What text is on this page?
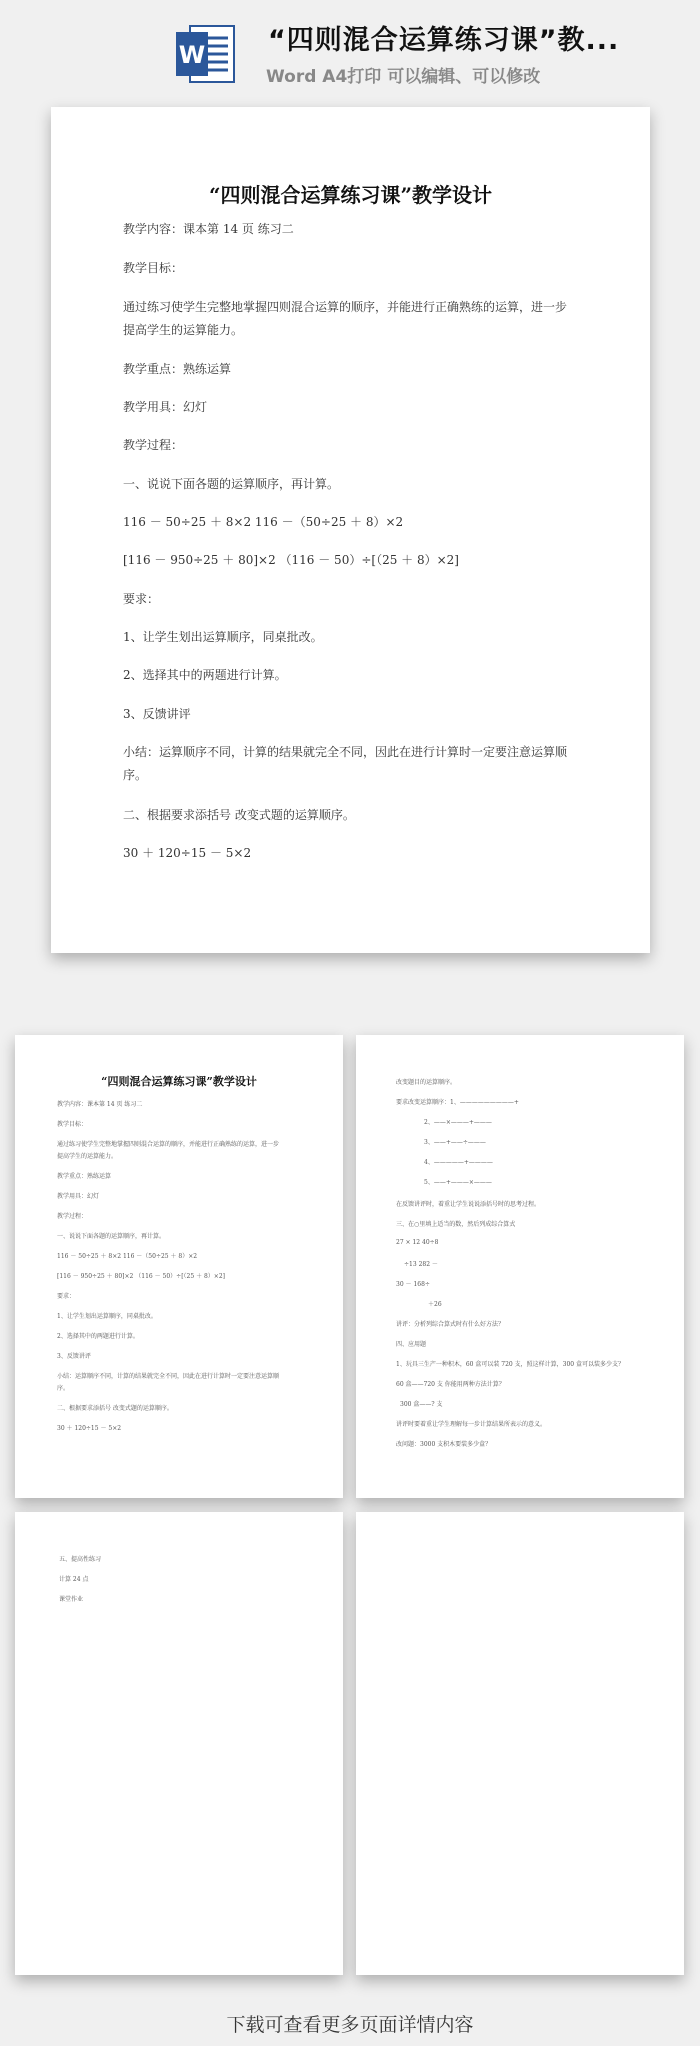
W “四则混合运算练习课”教...
Word A4打印 可以编辑、可以修改
“四则混合运算练习课”教学设计
教学内容：课本第 14 页 练习二
教学目标：
通过练习使学生完整地掌握四则混合运算的顺序，并能进行正确熟练的运算，进一步
提高学生的运算能力。
教学重点：熟练运算
教学用具：幻灯
教学过程：
一、说说下面各题的运算顺序，再计算。
116 － 50÷25 ＋ 8×2 116 －（50÷25 ＋ 8）×2
[116 － 950÷25 ＋ 80]×2 （116 － 50）÷[（25 ＋ 8）×2]
要求：
1、让学生划出运算顺序，同桌批改。
2、选择其中的两题进行计算。
3、反馈讲评
小结：运算顺序不同，计算的结果就完全不同，因此在进行计算时一定要注意运算顺
序。
二、根据要求添括号 改变式题的运算顺序。
30 ＋ 120÷15 － 5×2
“四则混合运算练习课”教学设计
教学内容：课本第 14 页 练习二
教学目标：
通过练习使学生完整地掌握四则混合运算的顺序，并能进行正确熟练的运算，进一步
提高学生的运算能力。
教学重点：熟练运算
教学用具：幻灯
教学过程：
一、说说下面各题的运算顺序，再计算。
116 － 50÷25 ＋ 8×2 116 －（50÷25 ＋ 8）×2
[116 － 950÷25 ＋ 80]×2 （116 － 50）÷[（25 ＋ 8）×2]
要求：
1、让学生划出运算顺序，同桌批改。
2、选择其中的两题进行计算。
3、反馈讲评
小结：运算顺序不同，计算的结果就完全不同，因此在进行计算时一定要注意运算顺
序。
二、根据要求添括号 改变式题的运算顺序。
30 ＋ 120÷15 － 5×2
改变题目的运算顺序。
要求改变运算顺序：1、—————————+
2、——×———+———
3、——+——÷———
4、—————+————
5、——+———×———
在反馈讲评时，着重让学生说说添括号时的思考过程。
三、在○里填上适当的数，然后列成综合算式
27 × 12 40÷8
÷13 282 －
30 － 168÷
＋26
讲评：分析列综合算式时有什么好方法？
四、应用题
1、玩具三生产一种积木，60 盒可以装 720 支，照这样计算，300 盒可以装多少支？
60 盒——720 支 你能用两种方法计算？
300 盒——? 支
讲评时要着重让学生理解每一步计算结果所表示的意义。
改问题：3000 支积木要装多少盒？
五、提高性练习
计算 24 点
课堂作业
下载可查看更多页面详情内容
